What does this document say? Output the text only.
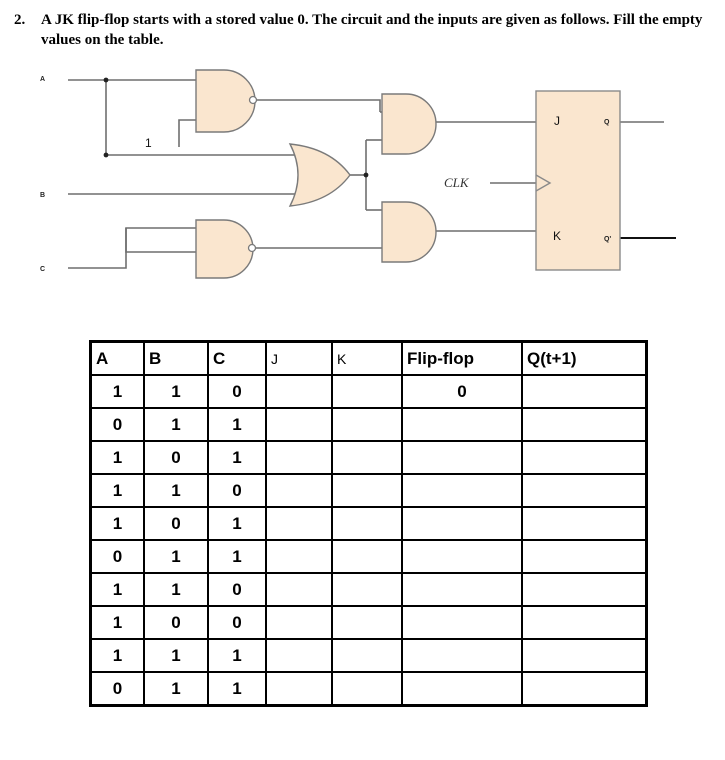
2. A JK flip-flop starts with a stored value 0. The circuit and the inputs are given as follows. Fill the empty values on the table.
A
B
C
1
CLK
J
K
Q
Q'
A	B	C	J	K	Flip-flop	Q(t+1)
1	1	0			0	
0	1	1				
1	0	1				
1	1	0				
1	0	1				
0	1	1				
1	1	0				
1	0	0				
1	1	1				
0	1	1				
